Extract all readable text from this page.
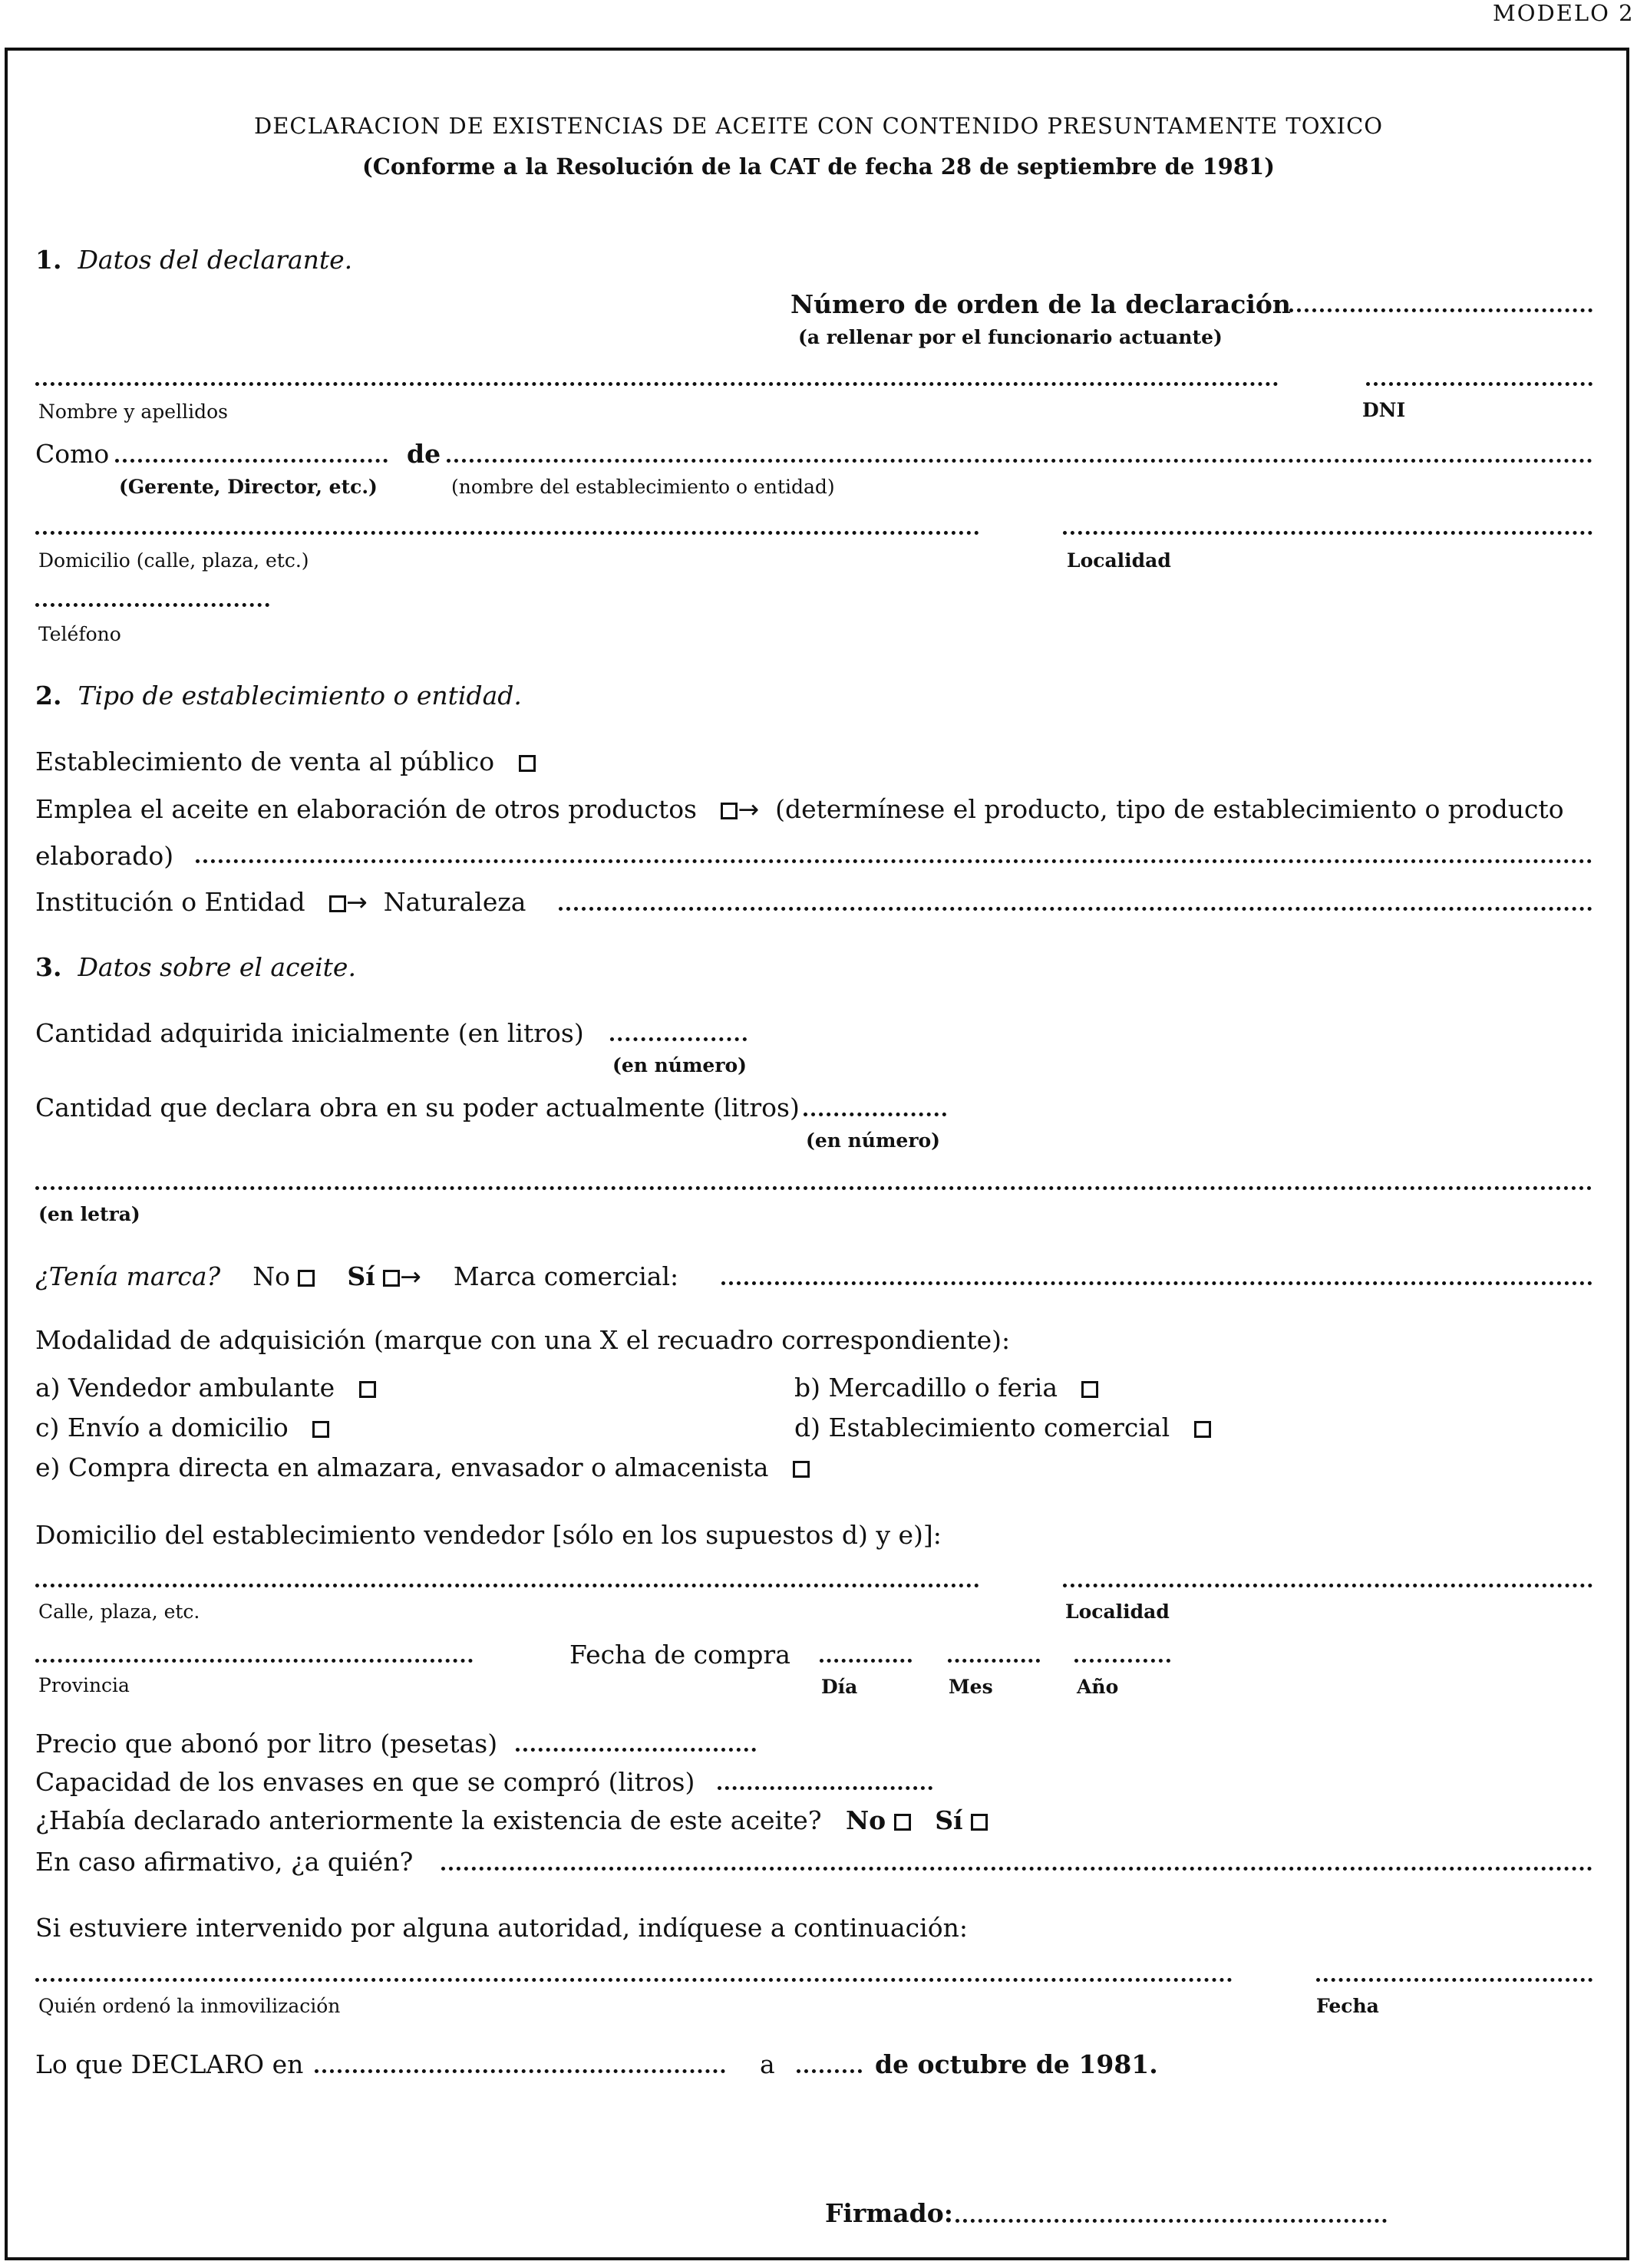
MODELO 2
DECLARACION DE EXISTENCIAS DE ACEITE CON CONTENIDO PRESUNTAMENTE TOXICO
(Conforme a la Resolución de la CAT de fecha 28 de septiembre de 1981)
1. Datos del declarante.
Número de orden de la declaración
(a rellenar por el funcionario actuante)
Nombre y apellidos	DNI
Como	de
(Gerente, Director, etc.)	(nombre del establecimiento o entidad)
Domicilio (calle, plaza, etc.)	Localidad
Teléfono
2. Tipo de establecimiento o entidad.
Establecimiento de venta al público
Emplea el aceite en elaboración de otros productos → (determínese el producto, tipo de establecimiento o producto
elaborado)
Institución o Entidad → Naturaleza
3. Datos sobre el aceite.
Cantidad adquirida inicialmente (en litros)
(en número)
Cantidad que declara obra en su poder actualmente (litros)
(en número)
(en letra)
¿Tenía marca? No Sí → Marca comercial:
Modalidad de adquisición (marque con una X el recuadro correspondiente):
a) Vendedor ambulante	b) Mercadillo o feria
c) Envío a domicilio	d) Establecimiento comercial
e) Compra directa en almazara, envasador o almacenista
Domicilio del establecimiento vendedor [sólo en los supuestos d) y e)]:
Calle, plaza, etc.	Localidad
Fecha de compra
Provincia	Día	Mes	Año
Precio que abonó por litro (pesetas)
Capacidad de los envases en que se compró (litros)
¿Había declarado anteriormente la existencia de este aceite? No Sí
En caso afirmativo, ¿a quién?
Si estuviere intervenido por alguna autoridad, indíquese a continuación:
Quién ordenó la inmovilización	Fecha
Lo que DECLARO en	a	de octubre de 1981.
Firmado:
